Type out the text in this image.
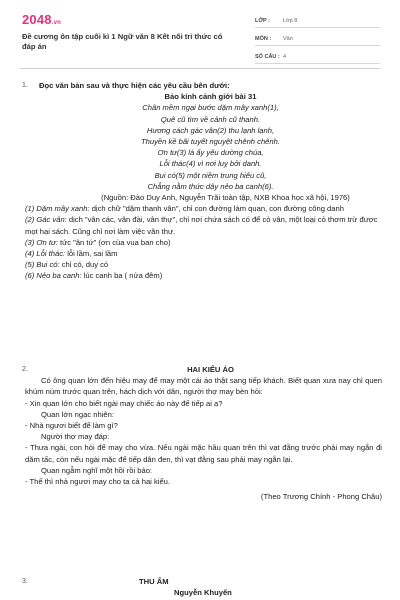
2048.vn
Đề cương ôn tập cuối kì 1 Ngữ văn 8 Kết nối tri thức có đáp án
LỚP :	Lớp 8
MÔN :	Văn
SỐ CÂU : 4
1. Đọc văn bản sau và thực hiện các yêu cầu bên dưới:
Bảo kính cảnh giới bài 31

Chân mềm ngại bước dặm mây xanh(1),

Quê cũ tìm về cảnh cũ thanh.

Hương cách gác vân(2) thu lạnh lạnh,

Thuyền kề bãi tuyết nguyệt chênh chênh.

Ơn tư(3) là ấy yêu dường chúa,

Lỗi thác(4) vì nơi luỵ bởi danh.

Bui có(5) một niềm trung hiếu cũ,

Chẳng nằm thức dậy nẻo ba canh(6).

(Nguồn: Đào Duy Anh, Nguyễn Trãi toàn tập, NXB Khoa học xã hội, 1976)

(1) Dặm mây xanh: dịch chữ "dặm thanh vân", chỉ con đường làm quan, con đường công danh

(2) Gác vân: dịch "vân các, vân đài, vân thự", chỉ nơi chứa sách có để cỏ vân, một loại cỏ thơm trừ được mọt hại sách. Cũng chỉ nơi làm việc văn thư.

(3) Ơn tư: tức "ân tứ" (ơn của vua ban cho)

(4) Lỗi thác: lỗi lầm, sai lầm

(5) Bui có: chỉ có, duy có

(6) Nẻo ba canh: lúc canh ba ( nửa đêm)

2.	HAI KIỂU ÁO

Có ông quan lớn đến hiệu may để may một cái áo thật sang tiếp khách. Biết quan xưa nay chỉ quen khúm núm trước quan trên, hách dịch với dân, người thợ may bèn hỏi:

- Xin quan lớn cho biết ngài may chiếc áo này để tiếp ai ạ?

Quan lớn ngạc nhiên:

- Nhà ngươi biết để làm gì?

Người thợ may đáp:

- Thưa ngài, con hỏi để may cho vừa. Nếu ngài mặc hầu quan trên thì vạt đằng trước phải may ngắn đi dăm tấc, còn nếu ngài mặc để tiếp dân đen, thì vạt đằng sau phải may ngắn lại.

Quan ngẫm nghĩ một hồi rồi bảo:

- Thế thì nhà ngươi may cho ta cả hai kiểu.

(Theo Trương Chính - Phong Châu)
3.	THU ẨM
Nguyễn Khuyến
